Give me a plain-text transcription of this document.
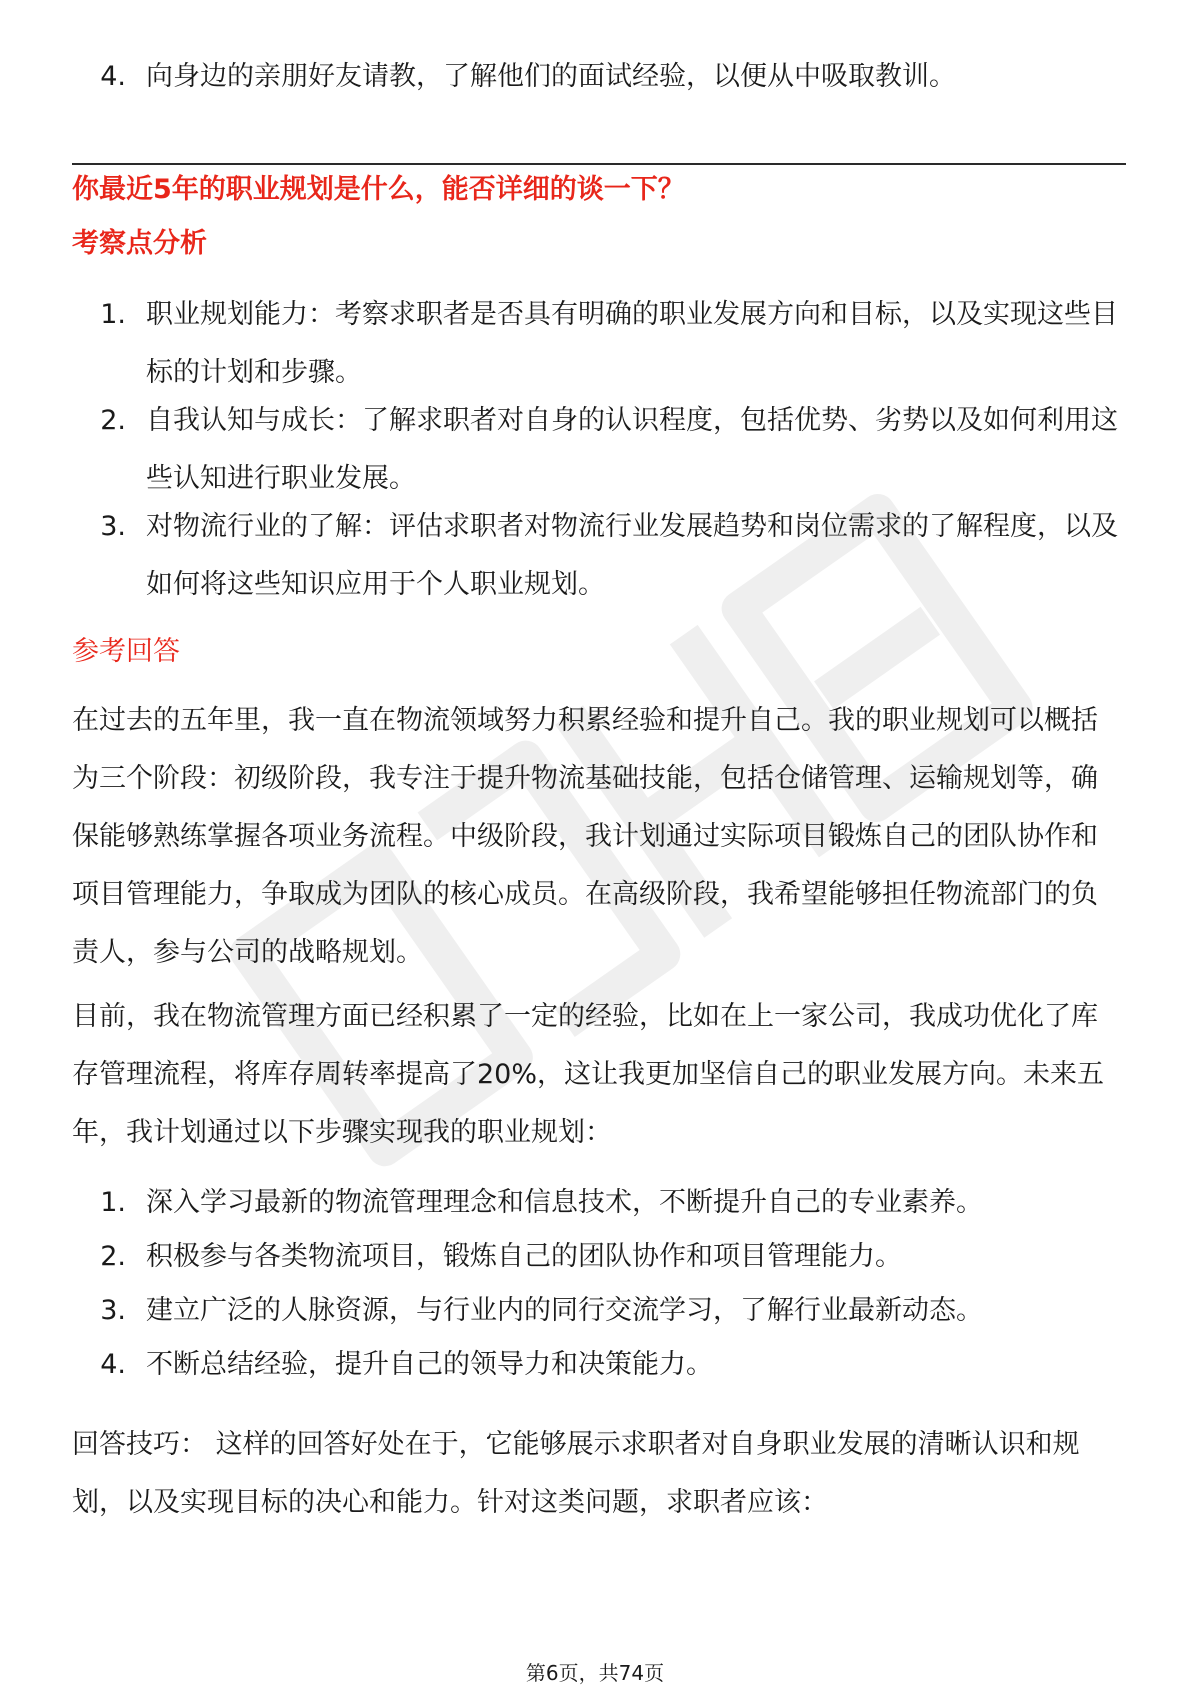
4. 向身边的亲朋好友请教，了解他们的面试经验，以便从中吸取教训。
你最近5年的职业规划是什么，能否详细的谈一下？
考察点分析
1. 职业规划能力：考察求职者是否具有明确的职业发展方向和目标，以及实现这些目标的计划和步骤。
2. 自我认知与成长：了解求职者对自身的认识程度，包括优势、劣势以及如何利用这些认知进行职业发展。
3. 对物流行业的了解：评估求职者对物流行业发展趋势和岗位需求的了解程度，以及如何将这些知识应用于个人职业规划。
参考回答
在过去的五年里，我一直在物流领域努力积累经验和提升自己。我的职业规划可以概括为三个阶段：初级阶段，我专注于提升物流基础技能，包括仓储管理、运输规划等，确保能够熟练掌握各项业务流程。中级阶段，我计划通过实际项目锻炼自己的团队协作和项目管理能力，争取成为团队的核心成员。在高级阶段，我希望能够担任物流部门的负责人，参与公司的战略规划。
目前，我在物流管理方面已经积累了一定的经验，比如在上一家公司，我成功优化了库存管理流程，将库存周转率提高了20%，这让我更加坚信自己的职业发展方向。未来五年，我计划通过以下步骤实现我的职业规划：
1. 深入学习最新的物流管理理念和信息技术，不断提升自己的专业素养。
2. 积极参与各类物流项目，锻炼自己的团队协作和项目管理能力。
3. 建立广泛的人脉资源，与行业内的同行交流学习，了解行业最新动态。
4. 不断总结经验，提升自己的领导力和决策能力。
回答技巧： 这样的回答好处在于，它能够展示求职者对自身职业发展的清晰认识和规划，以及实现目标的决心和能力。针对这类问题，求职者应该：
第6页，共74页
